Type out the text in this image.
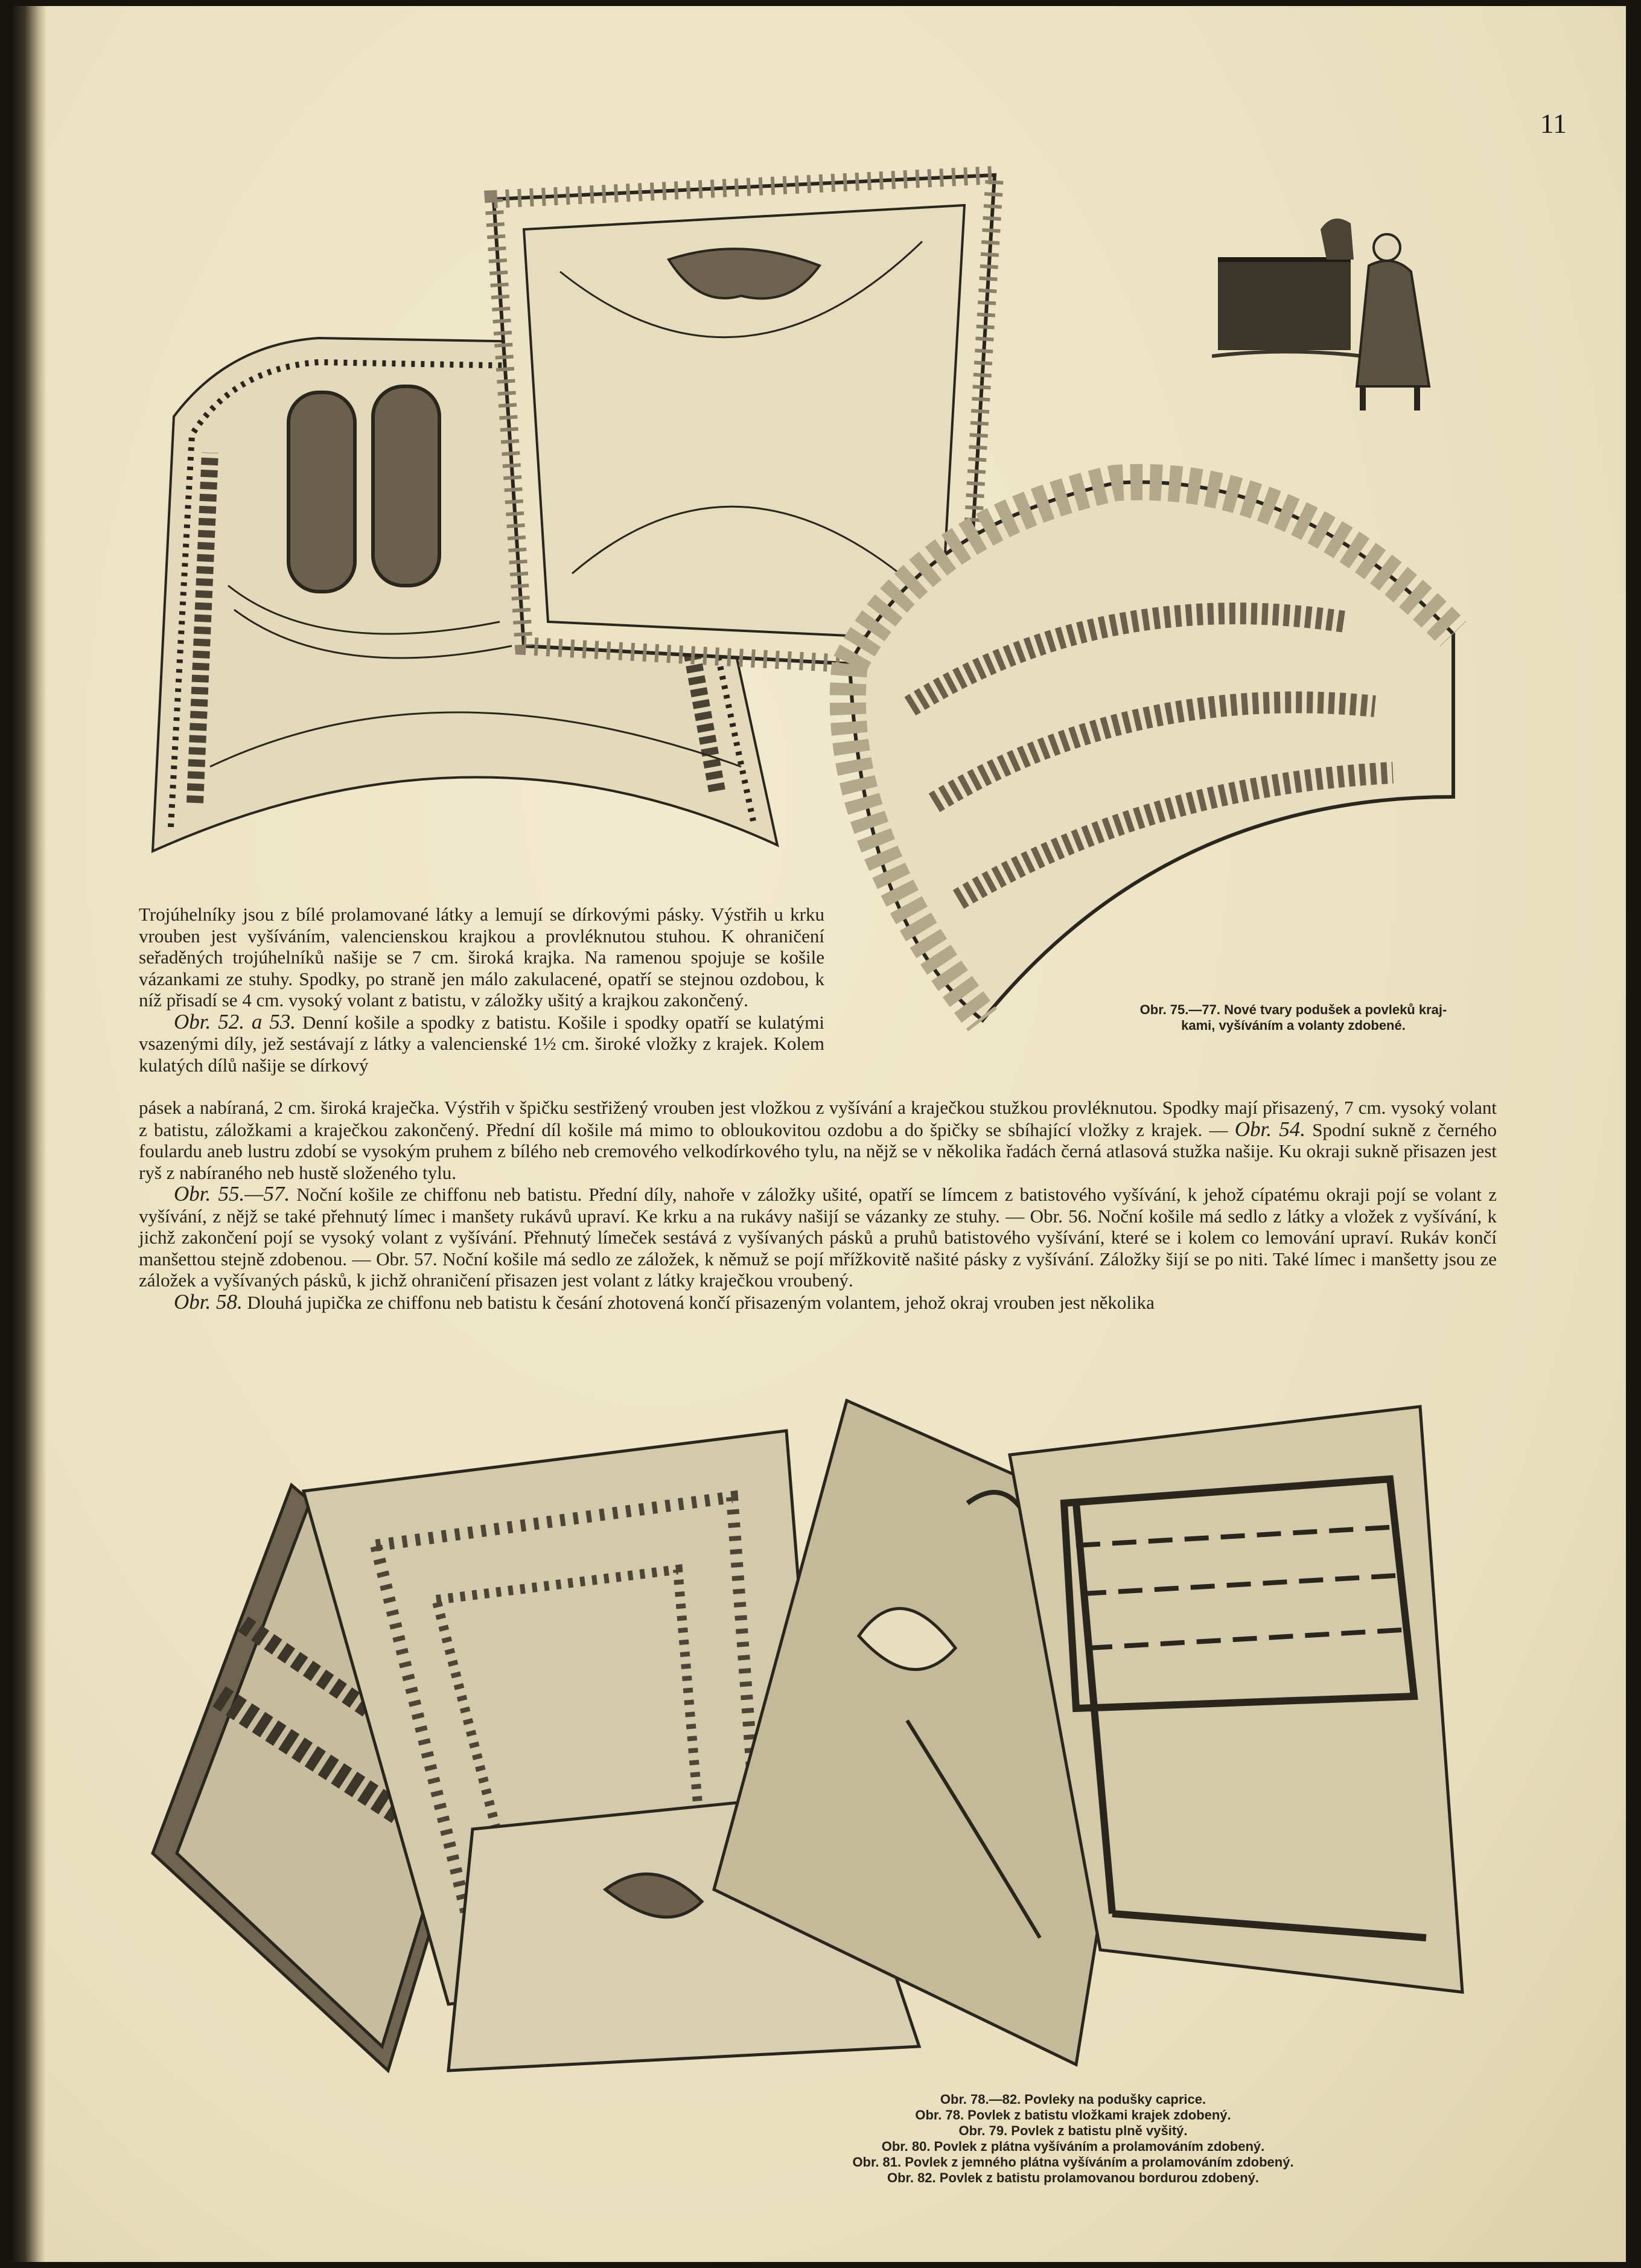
11

Trojúhelníky jsou z bílé prolamované látky a lemují se dírkovými pásky. Výstřih u krku vrouben jest vyšíváním, valencienskou krajkou a provléknutou stuhou. K ohraničení seřaděných trojúhelníků našije se 7 cm. široká krajka. Na ramenou spojuje se košile vázankami ze stuhy. Spodky, po straně jen málo zakulacené, opatří se stejnou ozdobou, k níž přisadí se 4 cm. vysoký volant z batistu, v záložky ušitý a krajkou zakončený.
Obr. 52. a 53. Denní košile a spodky z batistu. Košile i spodky opatří se kulatými vsazenými díly, jež sestávají z látky a valencienské 1½ cm. široké vložky z krajek. Kolem kulatých dílů našije se dírkový

Obr. 75.—77. Nové tvary podušek a povleků kraj-
kami, vyšíváním a volanty zdobené.

pásek a nabíraná, 2 cm. široká kraječka. Výstřih v špičku sestřižený vrouben jest vložkou z vyšívání a kraječkou stužkou provléknutou. Spodky mají přisazený, 7 cm. vysoký volant z batistu, záložkami a kraječkou zakončený. Přední díl košile má mimo to obloukovitou ozdobu a do špičky se sbíhající vložky z krajek. — Obr. 54. Spodní sukně z černého foulardu aneb lustru zdobí se vysokým pruhem z bílého neb cremového velkodírkového tylu, na nějž se v několika řadách černá atlasová stužka našije. Ku okraji sukně přisazen jest ryš z nabíraného neb hustě složeného tylu.
Obr. 55.—57. Noční košile ze chiffonu neb batistu. Přední díly, nahoře v záložky ušité, opatří se límcem z batistového vyšívání, k jehož cípatému okraji pojí se volant z vyšívání, z nějž se také přehnutý límec i manšety rukávů upraví. Ke krku a na rukávy našijí se vázanky ze stuhy. — Obr. 56. Noční košile má sedlo z látky a vložek z vyšívání, k jichž zakončení pojí se vysoký volant z vyšívání. Přehnutý límeček sestává z vyšívaných pásků a pruhů batistového vyšívání, které se i kolem co lemování upraví. Rukáv končí manšettou stejně zdobenou. — Obr. 57. Noční košile má sedlo ze záložek, k němuž se pojí mřížkovitě našité pásky z vyšívání. Záložky šijí se po niti. Také límec i manšetty jsou ze záložek a vyšívaných pásků, k jichž ohraničení přisazen jest volant z látky kraječkou vroubený.
Obr. 58. Dlouhá jupička ze chiffonu neb batistu k česání zhotovená končí přisazeným volantem, jehož okraj vrouben jest několika

Obr. 78.—82. Povleky na podušky caprice.
Obr. 78. Povlek z batistu vložkami krajek zdobený.
Obr. 79. Povlek z batistu plně vyšitý.
Obr. 80. Povlek z plátna vyšíváním a prolamováním zdobený.
Obr. 81. Povlek z jemného plátna vyšíváním a prolamováním zdobený.
Obr. 82. Povlek z batistu prolamovanou bordurou zdobený.
